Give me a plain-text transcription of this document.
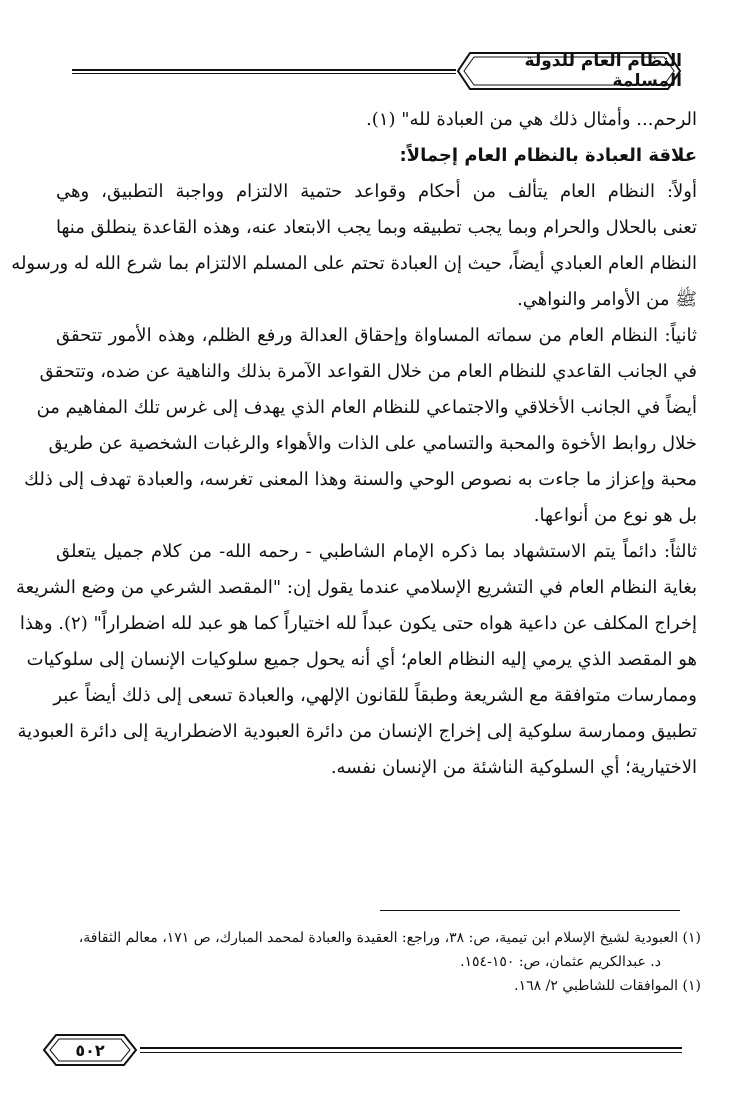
النظام العام للدولة المسلمة
الرحم... وأمثال ذلك هي من العبادة لله" (١).
علاقة العبادة بالنظام العام إجمالاً:
أولاً: النظام العام يتألف من أحكام وقواعد حتمية الالتزام وواجبة التطبيق، وهي
تعنى بالحلال والحرام وبما يجب تطبيقه وبما يجب الابتعاد عنه، وهذه القاعدة ينطلق منها
النظام العام العبادي أيضاً، حيث إن العبادة تحتم على المسلم الالتزام بما شرع الله له ورسوله
ﷺ من الأوامر والنواهي.
ثانياً: النظام العام من سماته المساواة وإحقاق العدالة ورفع الظلم، وهذه الأمور تتحقق
في الجانب القاعدي للنظام العام من خلال القواعد الآمرة بذلك والناهية عن ضده، وتتحقق
أيضاً في الجانب الأخلاقي والاجتماعي للنظام العام الذي يهدف إلى غرس تلك المفاهيم من
خلال روابط الأخوة والمحبة والتسامي على الذات والأهواء والرغبات الشخصية عن طريق
محبة وإعزاز ما جاءت به نصوص الوحي والسنة وهذا المعنى تغرسه، والعبادة تهدف إلى ذلك
بل هو نوع من أنواعها.
ثالثاً: دائماً يتم الاستشهاد بما ذكره الإمام الشاطبي - رحمه الله- من كلام جميل يتعلق
بغاية النظام العام في التشريع الإسلامي عندما يقول إن: "المقصد الشرعي من وضع الشريعة
إخراج المكلف عن داعية هواه حتى يكون عبداً لله اختياراً كما هو عبد لله اضطراراً" (٢). وهذا
هو المقصد الذي يرمي إليه النظام العام؛ أي أنه يحول جميع سلوكيات الإنسان إلى سلوكيات
وممارسات متوافقة مع الشريعة وطبقاً للقانون الإلهي، والعبادة تسعى إلى ذلك أيضاً عبر
تطبيق وممارسة سلوكية إلى إخراج الإنسان من دائرة العبودية الاضطرارية إلى دائرة العبودية
الاختيارية؛ أي السلوكية الناشئة من الإنسان نفسه.
(١) العبودية لشيخ الإسلام ابن تيمية، ص: ٣٨، وراجع: العقيدة والعبادة لمحمد المبارك، ص ١٧١، معالم الثقافة،
د. عبدالكريم عثمان، ص: ١٥٠-١٥٤.
(١) الموافقات للشاطبي ٢/ ١٦٨.
٥٠٢
